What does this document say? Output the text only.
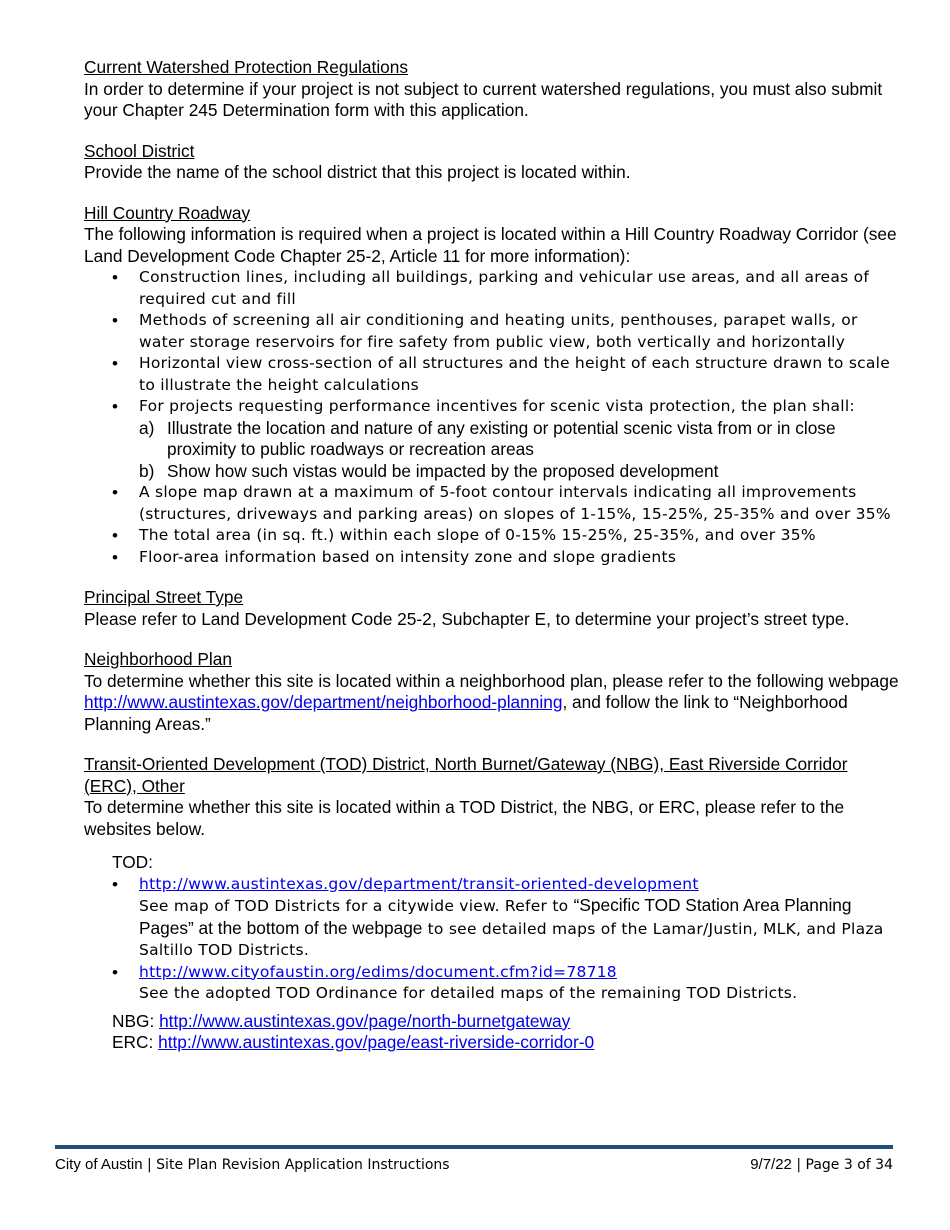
Current Watershed Protection Regulations

In order to determine if your project is not subject to current watershed regulations, you must also submit your Chapter 245 Determination form with this application.

School District

Provide the name of the school district that this project is located within.

Hill Country Roadway

The following information is required when a project is located within a Hill Country Roadway Corridor (see Land Development Code Chapter 25-2, Article 11 for more information):

• Construction lines, including all buildings, parking and vehicular use areas, and all areas of required cut and fill
• Methods of screening all air conditioning and heating units, penthouses, parapet walls, or water storage reservoirs for fire safety from public view, both vertically and horizontally
• Horizontal view cross-section of all structures and the height of each structure drawn to scale to illustrate the height calculations
• For projects requesting performance incentives for scenic vista protection, the plan shall:
a) Illustrate the location and nature of any existing or potential scenic vista from or in close proximity to public roadways or recreation areas
b) Show how such vistas would be impacted by the proposed development
• A slope map drawn at a maximum of 5-foot contour intervals indicating all improvements (structures, driveways and parking areas) on slopes of 1-15%, 15-25%, 25-35% and over 35%
• The total area (in sq. ft.) within each slope of 0-15% 15-25%, 25-35%, and over 35%
• Floor-area information based on intensity zone and slope gradients
Principal Street Type

Please refer to Land Development Code 25-2, Subchapter E, to determine your project’s street type.

Neighborhood Plan

To determine whether this site is located within a neighborhood plan, please refer to the following webpage http://www.austintexas.gov/department/neighborhood-planning, and follow the link to “Neighborhood Planning Areas.”

Transit-Oriented Development (TOD) District, North Burnet/Gateway (NBG), East Riverside Corridor (ERC), Other

To determine whether this site is located within a TOD District, the NBG, or ERC, please refer to the websites below.

TOD:
• http://www.austintexas.gov/department/transit-oriented-development
See map of TOD Districts for a citywide view. Refer to “Specific TOD Station Area Planning Pages” at the bottom of the webpage to see detailed maps of the Lamar/Justin, MLK, and Plaza Saltillo TOD Districts.
• http://www.cityofaustin.org/edims/document.cfm?id=78718
See the adopted TOD Ordinance for detailed maps of the remaining TOD Districts.
NBG: http://www.austintexas.gov/page/north-burnetgateway
ERC: http://www.austintexas.gov/page/east-riverside-corridor-0
City of Austin | Site Plan Revision Application Instructions	9/7/22 | Page 3 of 34
